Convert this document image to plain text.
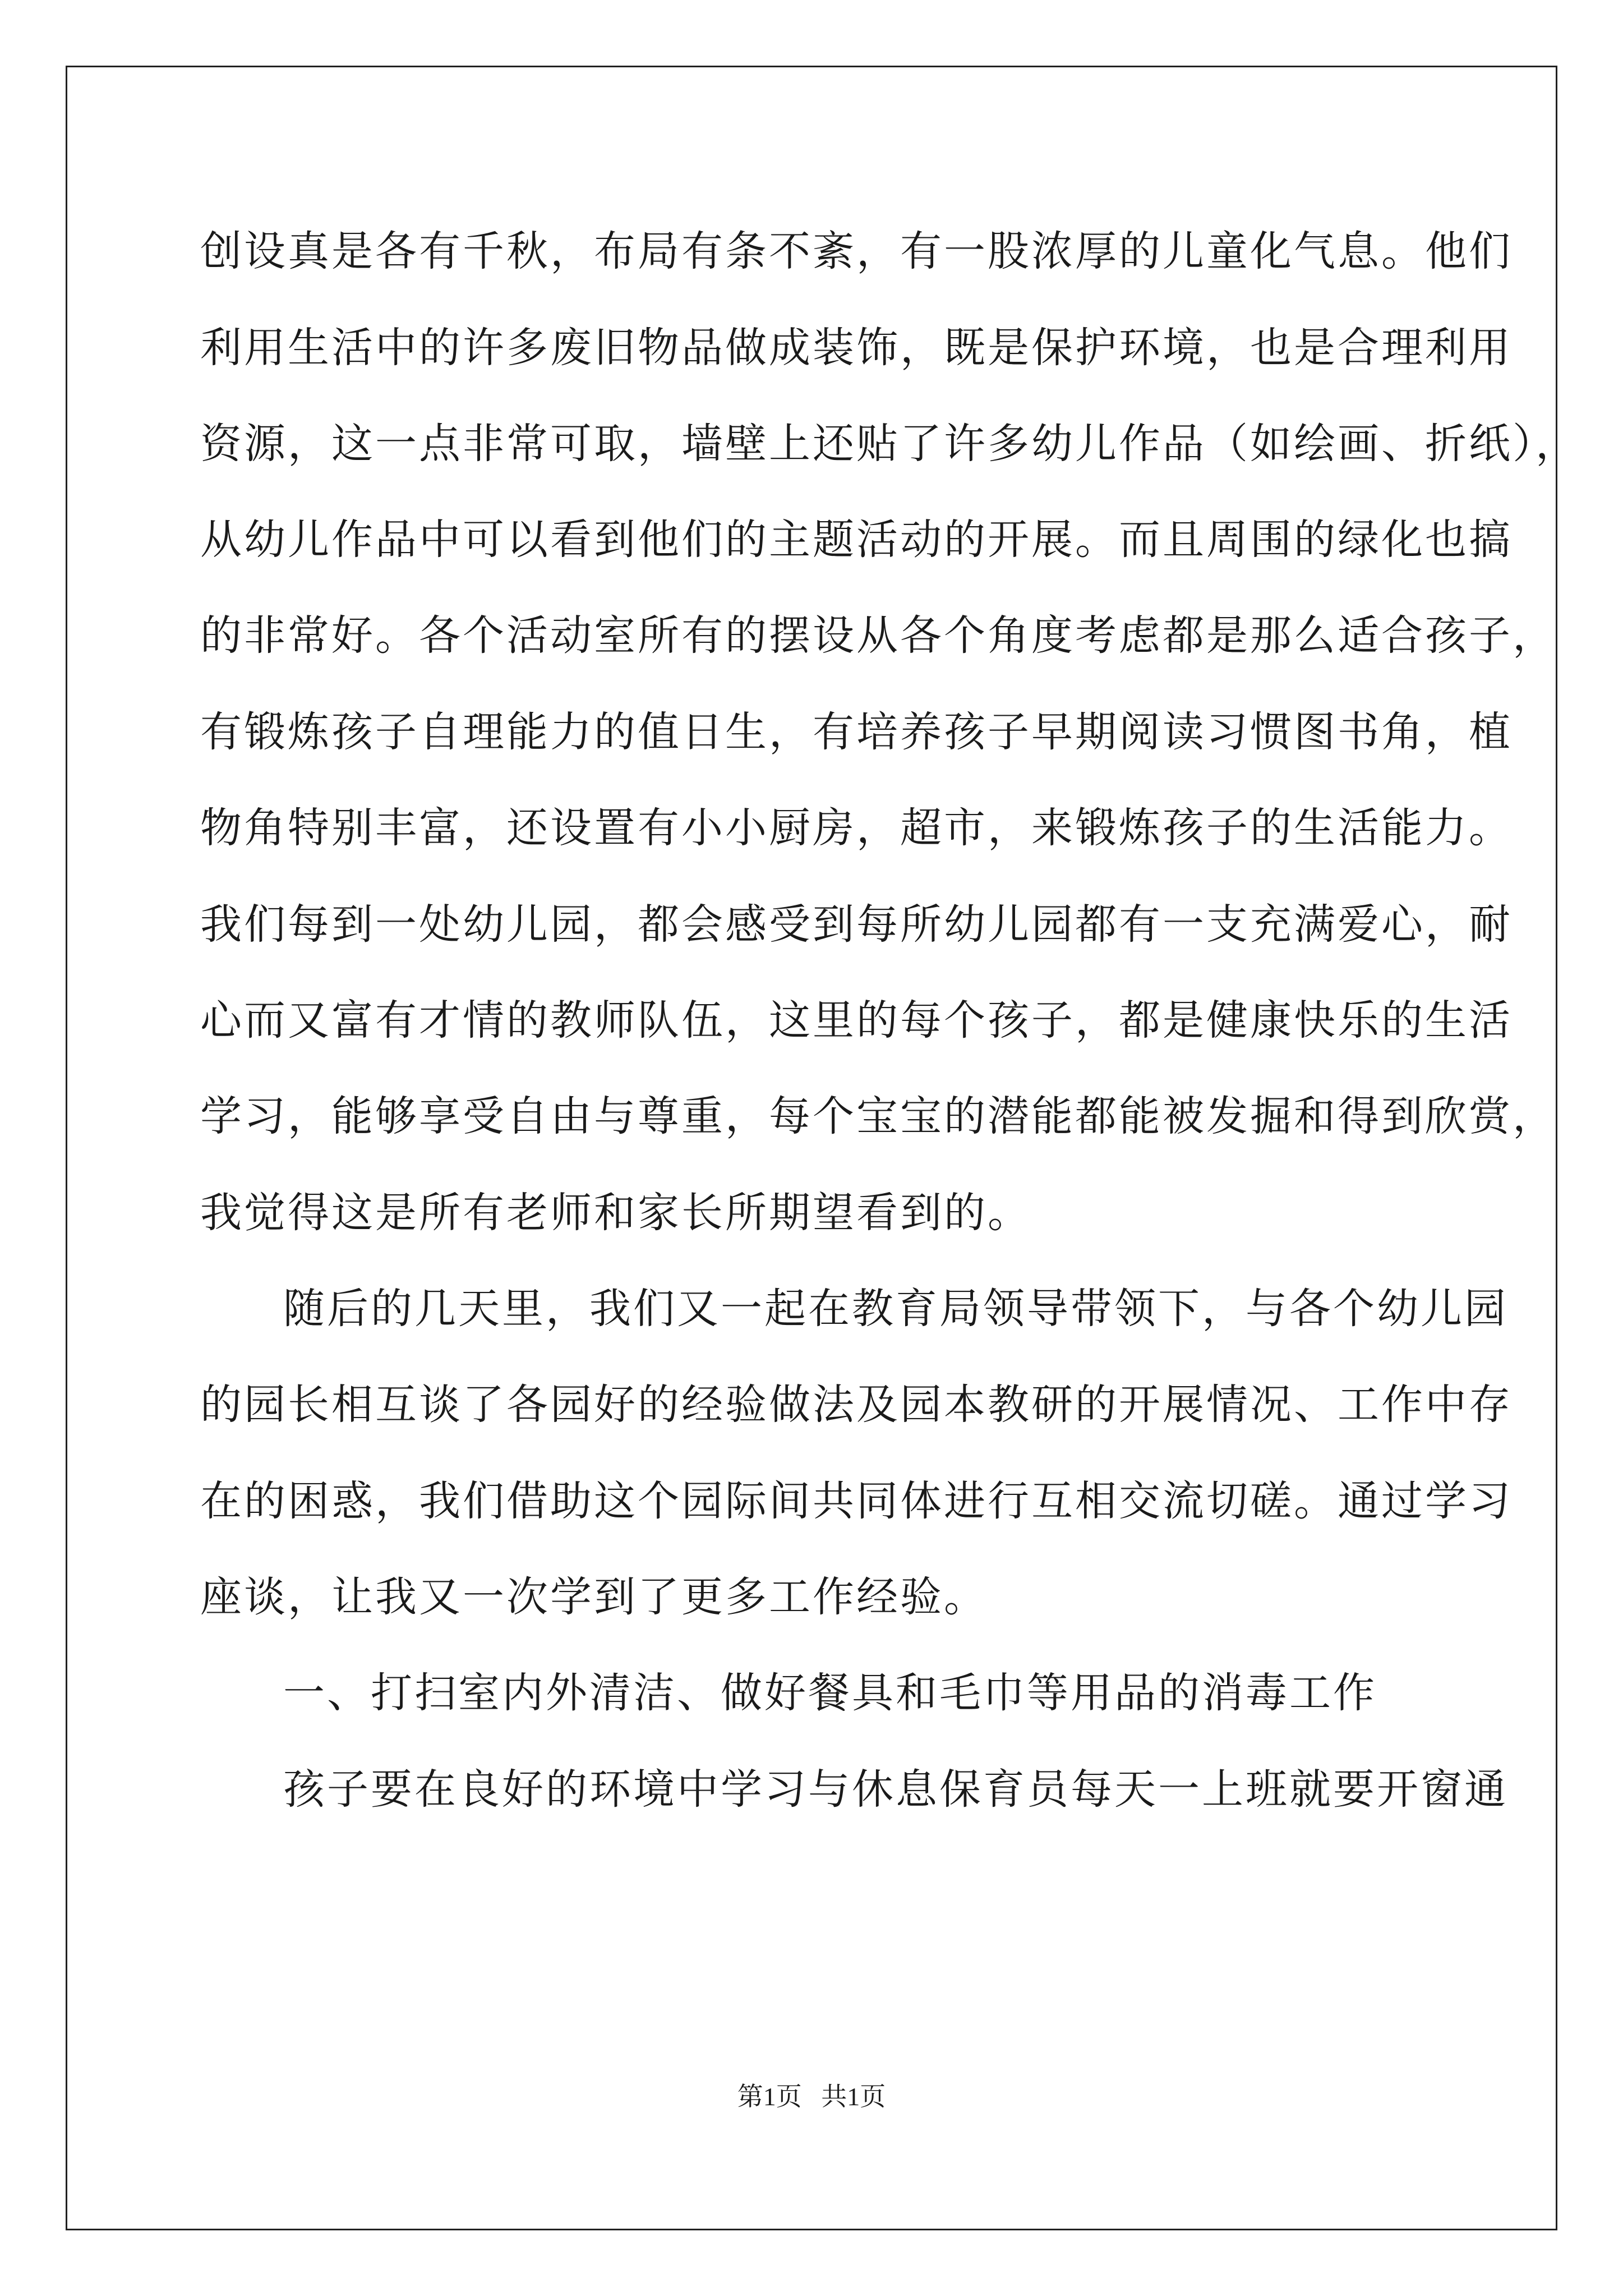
创设真是各有千秋，布局有条不紊，有一股浓厚的儿童化气息。他们
利用生活中的许多废旧物品做成装饰，既是保护环境，也是合理利用
资源，这一点非常可取，墙壁上还贴了许多幼儿作品（如绘画、折纸），
从幼儿作品中可以看到他们的主题活动的开展。而且周围的绿化也搞
的非常好。各个活动室所有的摆设从各个角度考虑都是那么适合孩子，
有锻炼孩子自理能力的值日生，有培养孩子早期阅读习惯图书角，植
物角特别丰富，还设置有小小厨房，超市，来锻炼孩子的生活能力。
我们每到一处幼儿园，都会感受到每所幼儿园都有一支充满爱心，耐
心而又富有才情的教师队伍，这里的每个孩子，都是健康快乐的生活
学习，能够享受自由与尊重，每个宝宝的潜能都能被发掘和得到欣赏，
我觉得这是所有老师和家长所期望看到的。
随后的几天里，我们又一起在教育局领导带领下，与各个幼儿园
的园长相互谈了各园好的经验做法及园本教研的开展情况、工作中存
在的困惑，我们借助这个园际间共同体进行互相交流切磋。通过学习
座谈，让我又一次学到了更多工作经验。
一、打扫室内外清洁、做好餐具和毛巾等用品的消毒工作
孩子要在良好的环境中学习与休息保育员每天一上班就要开窗通
第1页   共1页
